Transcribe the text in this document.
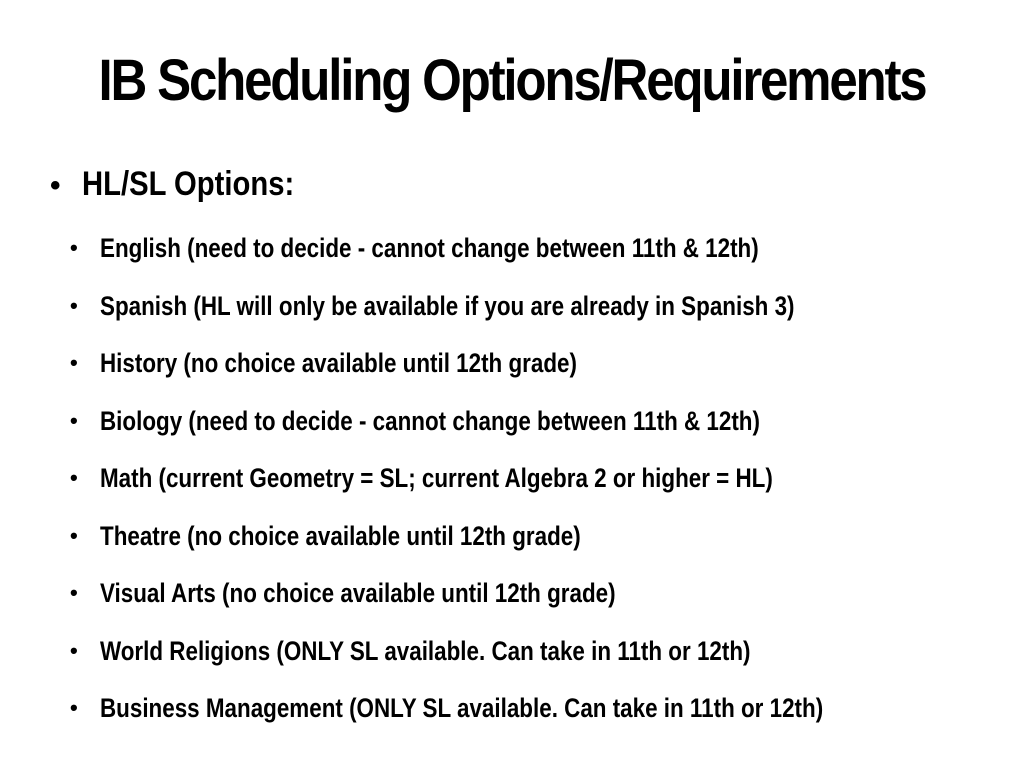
IB Scheduling Options/Requirements
• HL/SL Options:
• English (need to decide - cannot change between 11th & 12th)
• Spanish (HL will only be available if you are already in Spanish 3)
• History (no choice available until 12th grade)
• Biology (need to decide - cannot change between 11th & 12th)
• Math (current Geometry = SL; current Algebra 2 or higher = HL)
• Theatre (no choice available until 12th grade)
• Visual Arts (no choice available until 12th grade)
• World Religions (ONLY SL available. Can take in 11th or 12th)
• Business Management (ONLY SL available. Can take in 11th or 12th)
